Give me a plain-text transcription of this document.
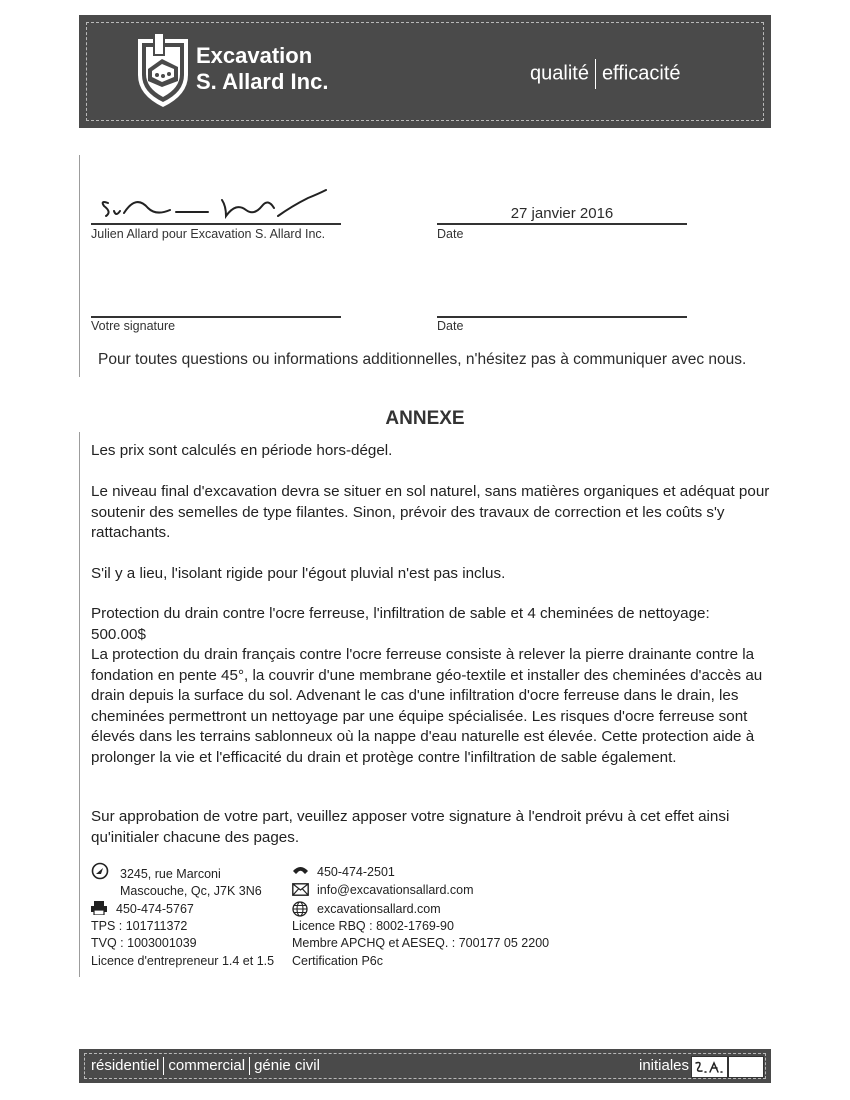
Excavation
S. Allard Inc.	qualité efficacité
Julien Allard pour Excavation S. Allard Inc.
27 janvier 2016
Date
Votre signature	Date
Pour toutes questions ou informations additionnelles, n'hésitez pas à communiquer avec nous.
ANNEXE

Les prix sont calculés en période hors-dégel.

Le niveau final d'excavation devra se situer en sol naturel, sans matières organiques et adéquat pour soutenir des semelles de type filantes. Sinon, prévoir des travaux de correction et les coûts s'y rattachants.

S'il y a lieu, l'isolant rigide pour l'égout pluvial n'est pas inclus.

Protection du drain contre l'ocre ferreuse, l'infiltration de sable et 4 cheminées de nettoyage:

500.00$

La protection du drain français contre l'ocre ferreuse consiste à relever la pierre drainante contre la fondation en pente 45°, la couvrir d'une membrane géo-textile et installer des cheminées d'accès au drain depuis la surface du sol. Advenant le cas d'une infiltration d'ocre ferreuse dans le drain, les cheminées permettront un nettoyage par une équipe spécialisée. Les risques d'ocre ferreuse sont élevés dans les terrains sablonneux où la nappe d'eau naturelle est élevée. Cette protection aide à prolonger la vie et l'efficacité du drain et protège contre l'infiltration de sable également.

Sur approbation de votre part, veuillez apposer votre signature à l'endroit prévu à cet effet ainsi qu'initialer chacune des pages.

3245, rue Marconi
Mascouche, Qc, J7K 3N6
450-474-5767
TPS : 101711372
TVQ : 1003001039
Licence d'entrepreneur 1.4 et 1.5
450-474-2501
info@excavationsallard.com
excavationsallard.com
Licence RBQ : 8002-1769-90
Membre APCHQ et AESEQ. : 700177 05 2200
Certification P6c
résidentiel commercial génie civil	initiales
